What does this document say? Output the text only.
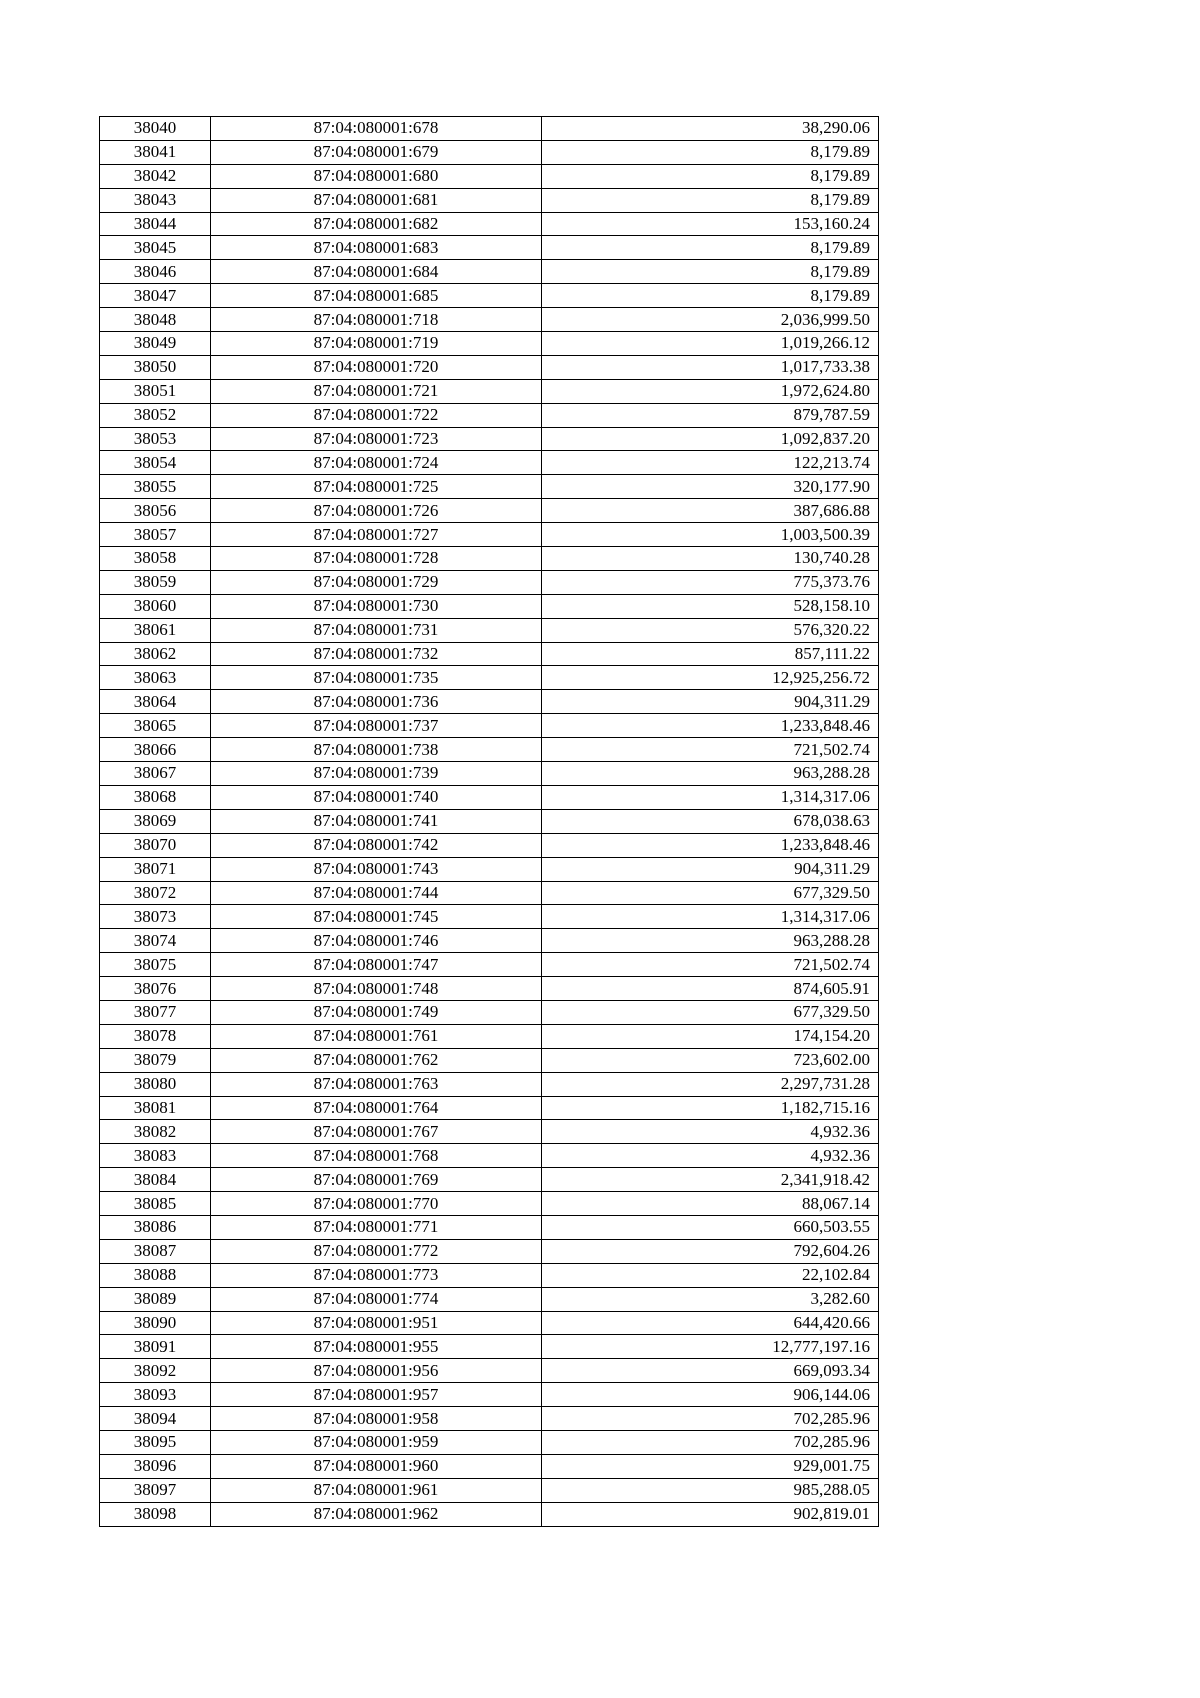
38040	87:04:080001:678	38,290.06
38041	87:04:080001:679	8,179.89
38042	87:04:080001:680	8,179.89
38043	87:04:080001:681	8,179.89
38044	87:04:080001:682	153,160.24
38045	87:04:080001:683	8,179.89
38046	87:04:080001:684	8,179.89
38047	87:04:080001:685	8,179.89
38048	87:04:080001:718	2,036,999.50
38049	87:04:080001:719	1,019,266.12
38050	87:04:080001:720	1,017,733.38
38051	87:04:080001:721	1,972,624.80
38052	87:04:080001:722	879,787.59
38053	87:04:080001:723	1,092,837.20
38054	87:04:080001:724	122,213.74
38055	87:04:080001:725	320,177.90
38056	87:04:080001:726	387,686.88
38057	87:04:080001:727	1,003,500.39
38058	87:04:080001:728	130,740.28
38059	87:04:080001:729	775,373.76
38060	87:04:080001:730	528,158.10
38061	87:04:080001:731	576,320.22
38062	87:04:080001:732	857,111.22
38063	87:04:080001:735	12,925,256.72
38064	87:04:080001:736	904,311.29
38065	87:04:080001:737	1,233,848.46
38066	87:04:080001:738	721,502.74
38067	87:04:080001:739	963,288.28
38068	87:04:080001:740	1,314,317.06
38069	87:04:080001:741	678,038.63
38070	87:04:080001:742	1,233,848.46
38071	87:04:080001:743	904,311.29
38072	87:04:080001:744	677,329.50
38073	87:04:080001:745	1,314,317.06
38074	87:04:080001:746	963,288.28
38075	87:04:080001:747	721,502.74
38076	87:04:080001:748	874,605.91
38077	87:04:080001:749	677,329.50
38078	87:04:080001:761	174,154.20
38079	87:04:080001:762	723,602.00
38080	87:04:080001:763	2,297,731.28
38081	87:04:080001:764	1,182,715.16
38082	87:04:080001:767	4,932.36
38083	87:04:080001:768	4,932.36
38084	87:04:080001:769	2,341,918.42
38085	87:04:080001:770	88,067.14
38086	87:04:080001:771	660,503.55
38087	87:04:080001:772	792,604.26
38088	87:04:080001:773	22,102.84
38089	87:04:080001:774	3,282.60
38090	87:04:080001:951	644,420.66
38091	87:04:080001:955	12,777,197.16
38092	87:04:080001:956	669,093.34
38093	87:04:080001:957	906,144.06
38094	87:04:080001:958	702,285.96
38095	87:04:080001:959	702,285.96
38096	87:04:080001:960	929,001.75
38097	87:04:080001:961	985,288.05
38098	87:04:080001:962	902,819.01
